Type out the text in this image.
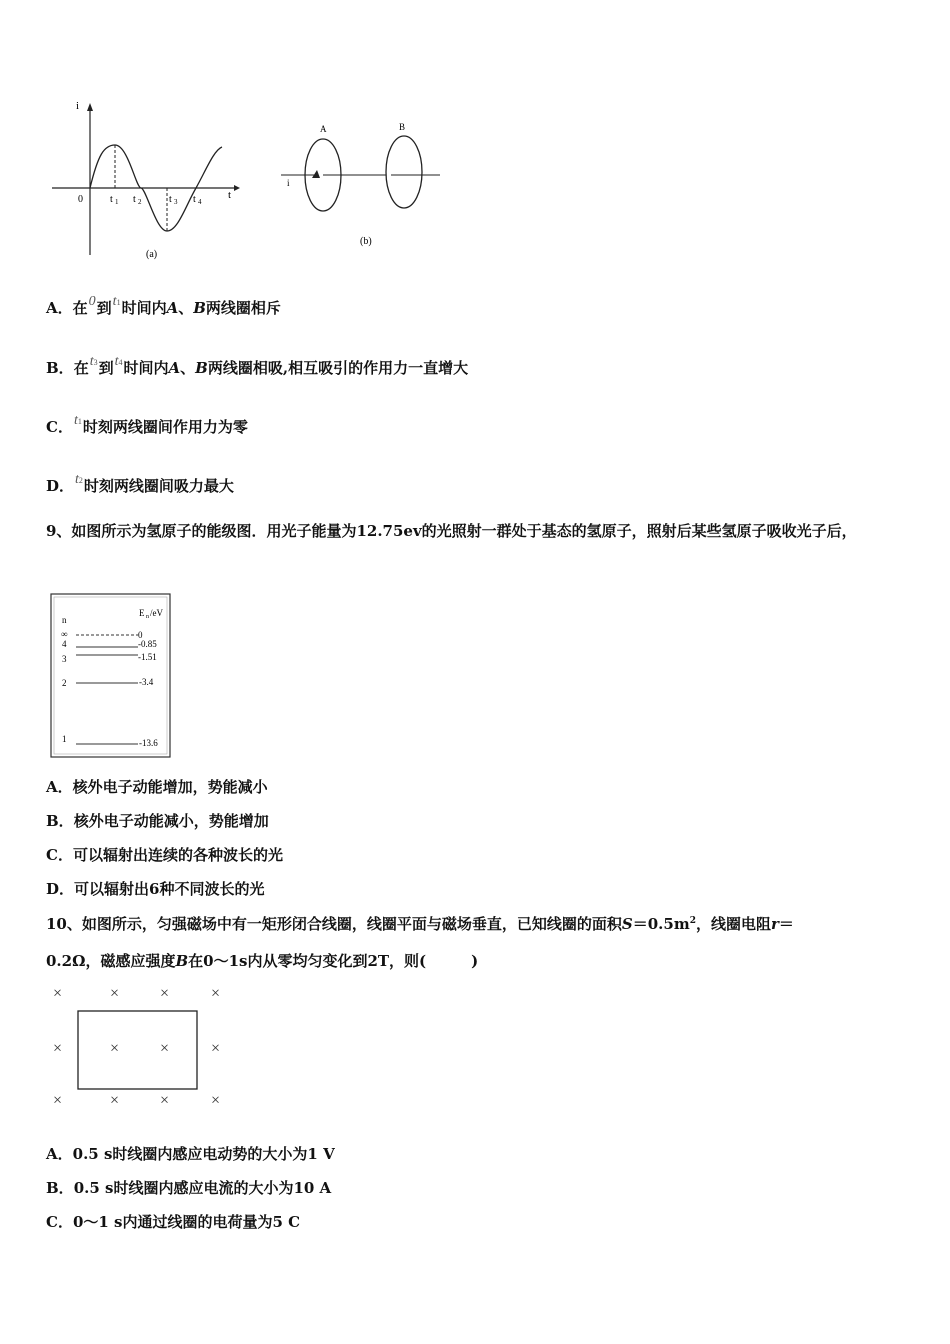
i
t
0	t 1 t 2	t 3 t 4
(a)
A	B
i
(b)
A．在0到t1时间内A、B两线圈相斥
B．在t3到t4时间内A、B两线圈相吸,相互吸引的作用力一直增大
C．t1时刻两线圈间作用力为零
D．t2时刻两线圈间吸力最大
9、如图所示为氢原子的能级图．用光子能量为12.75ev的光照射一群处于基态的氢原子，照射后某些氢原子吸收光子后，
n
E n /eV
∞	0
4	-0.85
3	-1.51
2	-3.4
1	-13.6
A．核外电子动能增加，势能减小
B．核外电子动能减小，势能增加
C．可以辐射出连续的各种波长的光
D．可以辐射出6种不同波长的光
10、如图所示，匀强磁场中有一矩形闭合线圈，线圈平面与磁场垂直，已知线圈的面积$S=0.5m^2$，线圈电阻r＝
0.2Ω，磁感应强度B在0～1s内从零均匀变化到2T，则(　　　)
×	×	×	×
×	×	×	×
×	×	×	×
A．0.5 s时线圈内感应电动势的大小为1 V
B．0.5 s时线圈内感应电流的大小为10 A
C．0～1 s内通过线圈的电荷量为5 C
